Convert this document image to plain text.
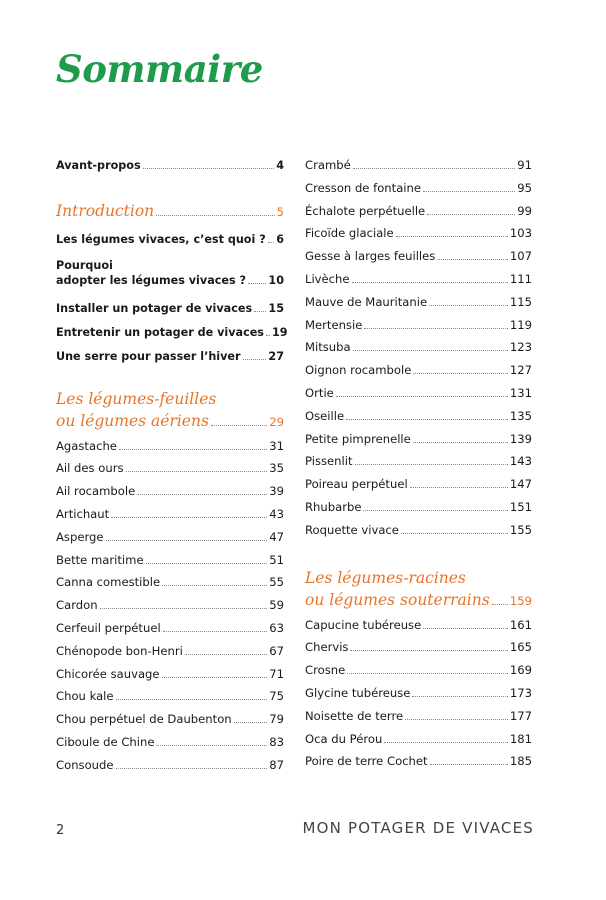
Sommaire
Avant-propos	4
Introduction	5
Les légumes vivaces, c’est quoi ? 6
Pourquoi
adopter les légumes vivaces ? 10
Installer un potager de vivaces 15
Entretenir un potager de vivaces 19
Une serre pour passer l’hiver 27
Les légumes-feuilles
ou légumes aériens	29
Agastache	31
Ail des ours	35
Ail rocambole	39
Artichaut	43
Asperge	47
Bette maritime	51
Canna comestible	55
Cardon	59
Cerfeuil perpétuel	63
Chénopode bon-Henri	67
Chicorée sauvage	71
Chou kale	75
Chou perpétuel de Daubenton	79
Ciboule de Chine	83
Consoude	87
Crambé	91
Cresson de fontaine	95
Échalote perpétuelle	99
Ficoïde glaciale	103
Gesse à larges feuilles	107
Livèche	111
Mauve de Mauritanie	115
Mertensie	119
Mitsuba	123
Oignon rocambole	127
Ortie	131
Oseille	135
Petite pimprenelle	139
Pissenlit	143
Poireau perpétuel	147
Rhubarbe	151
Roquette vivace	155
Les légumes-racines
ou légumes souterrains 159
Capucine tubéreuse	161
Chervis	165
Crosne	169
Glycine tubéreuse	173
Noisette de terre	177
Oca du Pérou	181
Poire de terre Cochet	185
2	MON POTAGER DE VIVACES
